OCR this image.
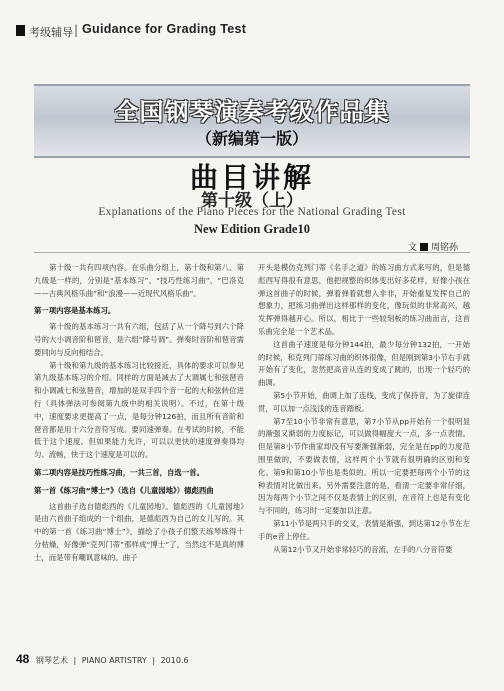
考级辅导 | Guidance for Grading Test
全国钢琴演奏考级作品集
（新编第一版）
曲目讲解
第十级（上）
Explanations of the Piano Pieces for the National Grading Test
New Edition Grade10
文 周铭孙

第十级一共有四项内容。在乐曲分组上，第十级和第八、第九级是一样的，分别是“基本练习”、“技巧性练习曲”、“巴洛克——古典风格乐曲”和“浪漫——近现代风格乐曲”。

第一项内容是基本练习。

第十级的基本练习一共有六组，包括了从一个降号到六个降号的大小调音阶和琶音，是六组“降号调”。弹奏时音阶和琶音需要同向与反向相结合。

第十级和第九级的基本练习比较接近，具体的要求可以参见第九级基本练习的介绍。同样的方面是减去了大调属七和弦琶音和小调减七和弦琶音，增加的是双手四个音一起的大和弦转位进行（具体弹法可参阅第九级中的相关说明）。不过，在第十级中，速度要求更提高了一点，是每分钟126拍，而且所有音阶和琶音都是用十六分音符写成。要同速弹奏。在考试的时候，不能低于这个速度。但如果能力允许，可以以更快的速度弹奏得均匀、流畅，快于这个速度是可以的。

第二项内容是技巧性练习曲，一共三首，自选一首。

第一首《练习曲“博士”》（选自《儿童园地》）德彪西曲

这首曲子选自德彪西的《儿童园地》。德彪西的《儿童园地》是由六首曲子组成的一个组曲，是德彪西为自己的女儿写的。其中的第一首《练习曲“博士”》，描绘了小孩子们整天练琴练得十分枯燥，好像弹“克列门蒂”那样成“博士”了，当然这不是真的博士，而是带有嘲讽意味的。曲子

开头是模仿克列门蒂《名手之道》的练习曲方式来写的，但是德彪西写得很有意思，他把规整的织体变出好多花样，好像小孩在弹这首曲子的时候，弹着弹着就想入非非，开始重复发挥自己的想象力，把练习曲弹出这样那样的变化，像玩似的非常高兴，越发挥弹得越开心。所以，相比于一些较刻板的练习曲而言，这首乐曲完全是一个艺术品。

这首曲子速度是每分钟144拍，最少每分钟132拍，一开始的时候，和克列门蒂练习曲的织体很像，但是刚到第3小节右手就开始有了变化，忽然把高音从连的变成了跳的，出现一个轻巧的曲调。

第5小节开始，曲调上加了连线，变成了保持音，为了旋律连贯，可以加一点浅浅的连音踏板。

第7至10小节非常有意思，第7小节从pp开始有一个很明显的渐强又渐弱的力度标记，可以做得幅度大一点，多一点表情。但是第8小节作曲家却没有写要渐强渐弱，完全是在pp的力度范围里做的，不要做表情，这样两个小节就有很明确的区别和变化。第9和第10小节也是类似的。所以一定要把每两个小节的这种表情对比做出来。另外需要注意的是，看清一定要非常仔细，因为每两个小节之间不仅是表情上的区别，在音符上也是有变化与不同的，练习时一定要加以注意。

第11小节是两只手的交叉，表情是渐强，到达第12小节在左手的e音上停住。

从第12小节又开始非常轻巧的音流，左手的八分音符要

48 钢琴艺术 | PIANO ARTISTRY | 2010.6
